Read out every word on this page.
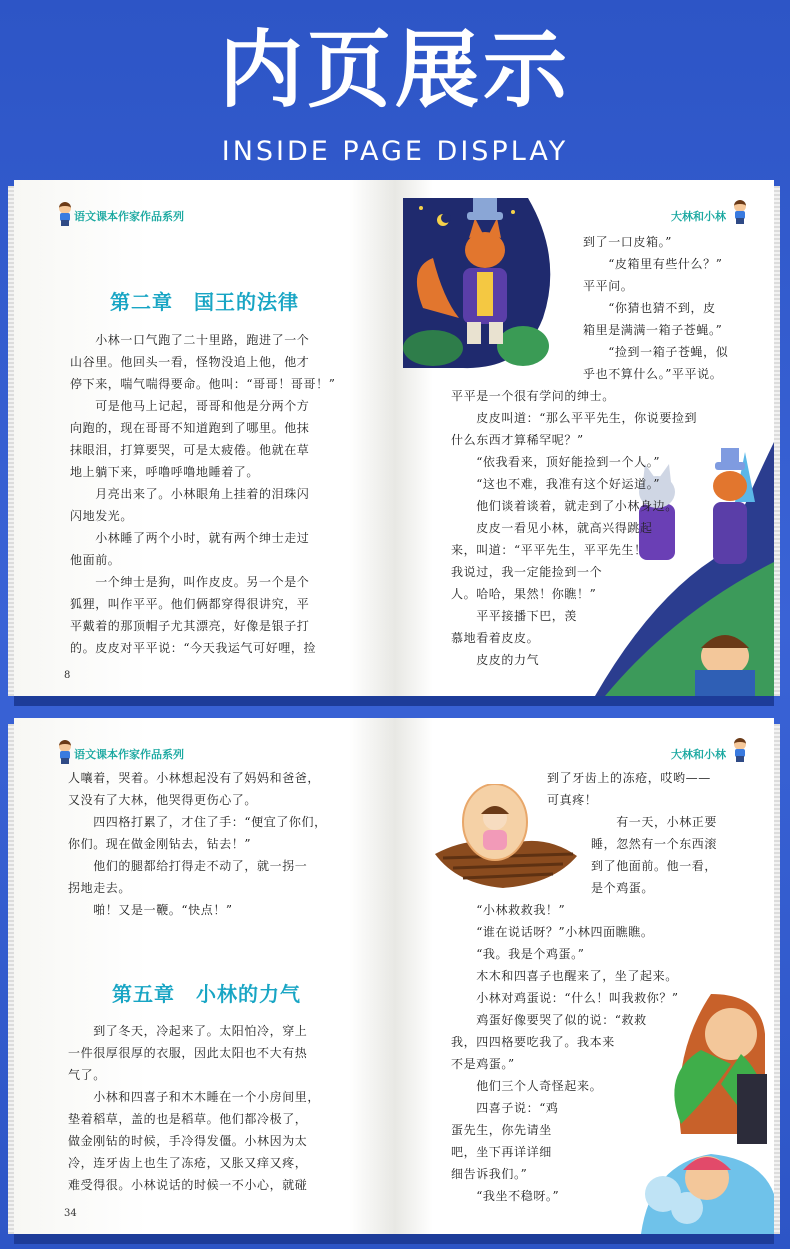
内页展示
INSIDE PAGE DISPLAY
语文课本作家作品系列
第二章　国王的法律

　　小林一口气跑了二十里路，跑进了一个

山谷里。他回头一看，怪物没追上他，他才

停下来，喘气喘得要命。他叫：“哥哥！哥哥！”

　　可是他马上记起，哥哥和他是分两个方

向跑的，现在哥哥不知道跑到了哪里。他抹

抹眼泪，打算要哭，可是太疲倦。他就在草

地上躺下来，呼噜呼噜地睡着了。

　　月亮出来了。小林眼角上挂着的泪珠闪

闪地发光。

　　小林睡了两个小时，就有两个绅士走过

他面前。

　　一个绅士是狗，叫作皮皮。另一个是个

狐狸，叫作平平。他们俩都穿得很讲究，平

平戴着的那顶帽子尤其漂亮，好像是银子打

的。皮皮对平平说：“今天我运气可好哩，捡

8
大林和小林

到了一口皮箱。”

　　“皮箱里有些什么？”

平平问。

　　“你猜也猜不到，皮

箱里是满满一箱子苍蝇。”

　　“捡到一箱子苍蝇，似

乎也不算什么。”平平说。

平平是一个很有学问的绅士。

　　皮皮叫道：“那么平平先生，你说要捡到

什么东西才算稀罕呢？”

　　“依我看来，顶好能捡到一个人。”

　　“这也不难，我准有这个好运道。”

　　他们谈着谈着，就走到了小林身边。

　　皮皮一看见小林，就高兴得跳起

来，叫道：“平平先生，平平先生！

我说过，我一定能捡到一个

人。哈哈，果然！你瞧！”

　　平平接播下巴，羡

慕地看着皮皮。

　　皮皮的力气

语文课本作家作品系列

人嚷着，哭着。小林想起没有了妈妈和爸爸，

又没有了大林，他哭得更伤心了。

　　四四格打累了，才住了手：“便宜了你们，

你们。现在做金刚钻去，钻去！”

　　他们的腿都给打得走不动了，就一拐一

拐地走去。

　　啪！又是一鞭。“快点！”

第五章　小林的力气

　　到了冬天，冷起来了。太阳怕冷，穿上

一件很厚很厚的衣服，因此太阳也不大有热

气了。

　　小林和四喜子和木木睡在一个小房间里，

垫着稻草，盖的也是稻草。他们都冷极了，

做金刚钻的时候，手冷得发僵。小林因为太

冷，连牙齿上也生了冻疮，又胀又痒又疼，

难受得很。小林说话的时候一不小心，就碰

34
大林和小林

到了牙齿上的冻疮，哎哟——

可真疼！

　　有一天，小林正要

睡，忽然有一个东西滚

到了他面前。他一看，

是个鸡蛋。

　　“小林救救我！”

　　“谁在说话呀？”小林四面瞧瞧。

　　“我。我是个鸡蛋。”

　　木木和四喜子也醒来了，坐了起来。

　　小林对鸡蛋说：“什么！叫我救你？”

　　鸡蛋好像要哭了似的说：“救救

我，四四格要吃我了。我本来

不是鸡蛋。”

　　他们三个人奇怪起来。

　　四喜子说：“鸡

蛋先生，你先请坐

吧，坐下再详详细

细告诉我们。”

　　“我坐不稳呀。”
